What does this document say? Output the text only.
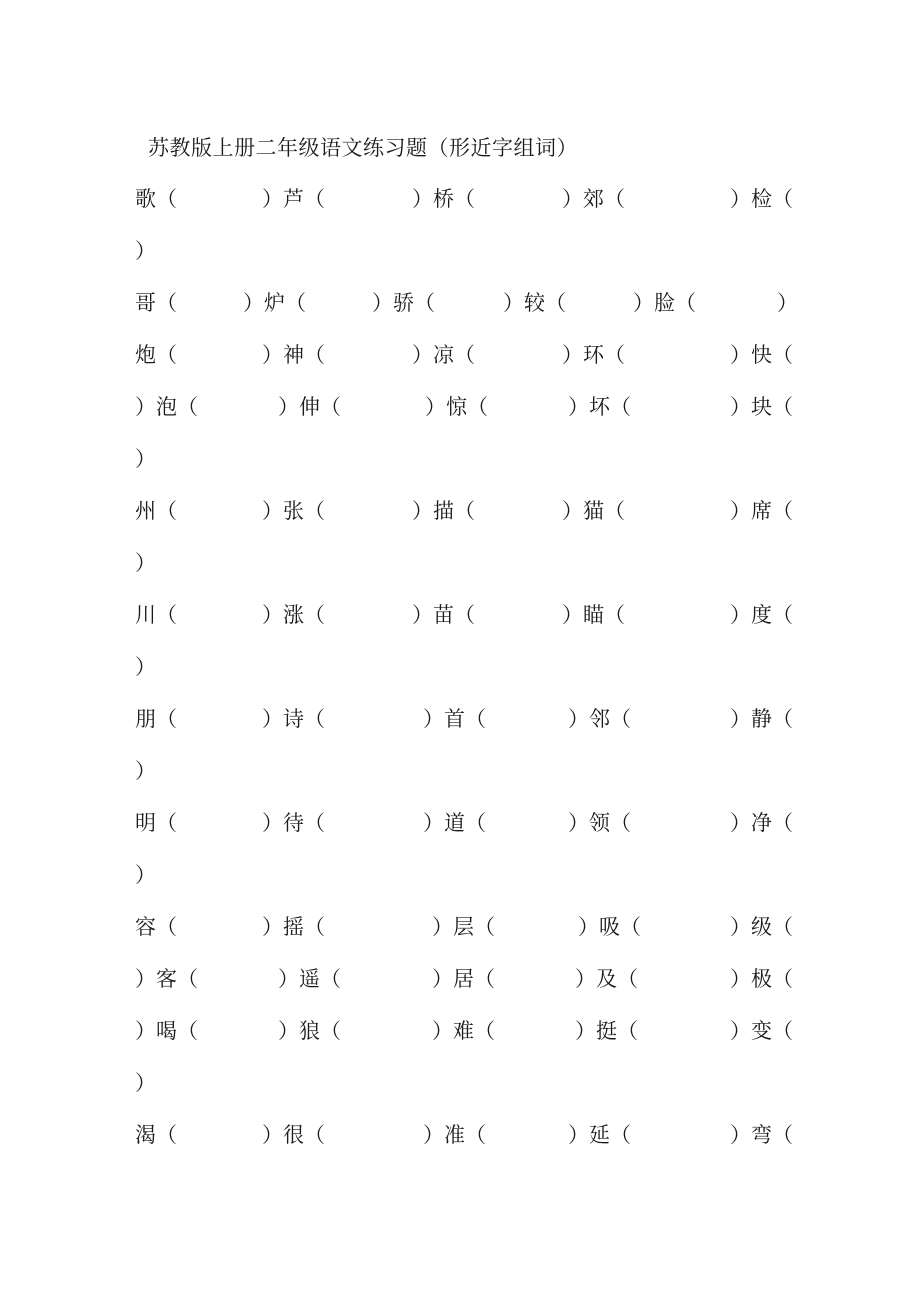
苏教版上册二年级语文练习题（形近字组词）
歌（	）芦（	）桥（	）郊（	）检（
）
哥（	）炉（	）骄（	）较（	）脸（	）
炮（	）神（	）凉（	）环（	）快（
）泡（	）伸（	）惊（	）坏（	）块（
）
州（	）张（	）描（	）猫（	）席（
）
川（	）涨（	）苗（	）瞄（	）度（
）
朋（	）诗（	）首（	）邻（	）静（
）
明（	）待（	）道（	）领（	）净（
）
容（	）摇（	）层（	）吸（	）级（
）客（	）遥（	）居（	）及（	）极（
）喝（	）狼（	）难（	）挺（	）变（
）
渴（	）很（	）准（	）延（	）弯（
